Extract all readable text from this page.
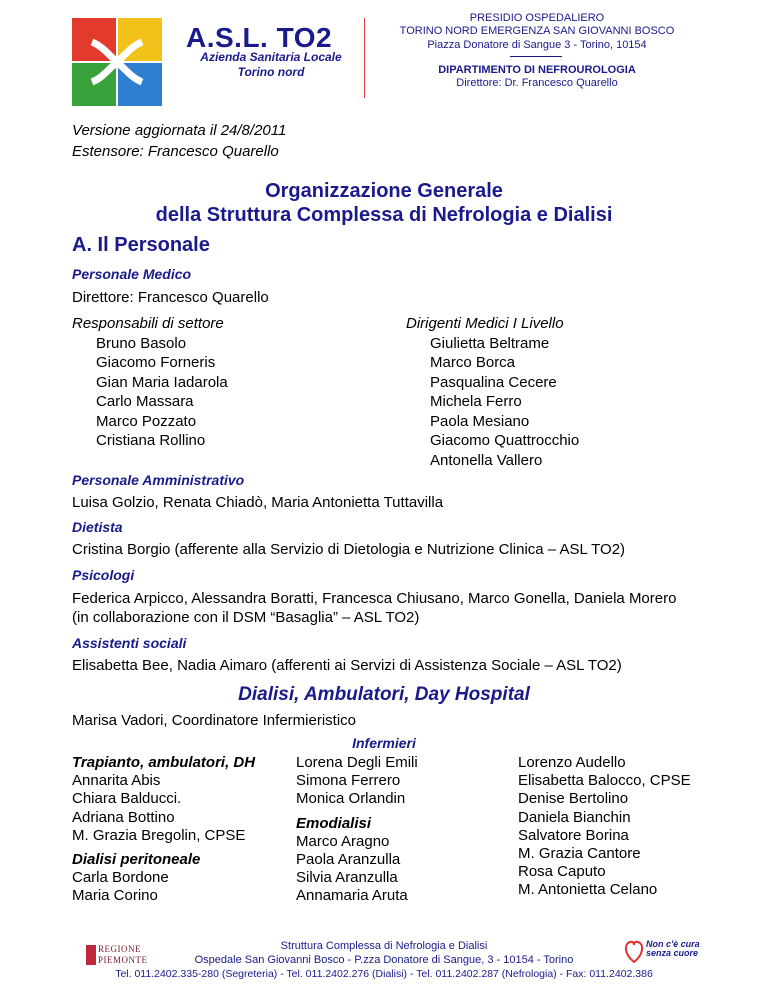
A.S.L. TO2
Azienda Sanitaria Locale
Torino nord
PRESIDIO OSPEDALIERO
TORINO NORD EMERGENZA SAN GIOVANNI BOSCO
Piazza Donatore di Sangue 3 - Torino, 10154
DIPARTIMENTO DI NEFROUROLOGIA
Direttore: Dr. Francesco Quarello
Versione aggiornata il 24/8/2011
Estensore: Francesco Quarello
Organizzazione Generale
della Struttura Complessa di Nefrologia e Dialisi
A. Il Personale
Personale Medico
Direttore: Francesco Quarello
Responsabili di settore
Bruno Basolo
Giacomo Forneris
Gian Maria Iadarola
Carlo Massara
Marco Pozzato
Cristiana Rollino
Dirigenti Medici I Livello
Giulietta Beltrame
Marco Borca
Pasqualina Cecere
Michela Ferro
Paola Mesiano
Giacomo Quattrocchio
Antonella Vallero
Personale Amministrativo
Luisa Golzio, Renata Chiadò, Maria Antonietta Tuttavilla
Dietista
Cristina Borgio (afferente alla Servizio di Dietologia e Nutrizione Clinica – ASL TO2)
Psicologi
Federica Arpicco, Alessandra Boratti, Francesca Chiusano, Marco Gonella, Daniela Morero
(in collaborazione con il DSM “Basaglia” – ASL TO2)
Assistenti sociali
Elisabetta Bee, Nadia Aimaro (afferenti ai Servizi di Assistenza Sociale – ASL TO2)
Dialisi, Ambulatori, Day Hospital
Marisa Vadori, Coordinatore Infermieristico
Infermieri
Trapianto, ambulatori, DH
Annarita Abis
Chiara Balducci.
Adriana Bottino
M. Grazia Bregolin, CPSE
Dialisi peritoneale
Carla Bordone
Maria Corino
Lorena Degli Emili
Simona Ferrero
Monica Orlandin
Emodialisi
Marco Aragno
Paola Aranzulla
Silvia Aranzulla
Annamaria Aruta
Lorenzo Audello
Elisabetta Balocco, CPSE
Denise Bertolino
Daniela Bianchin
Salvatore Borina
M. Grazia Cantore
Rosa Caputo
M. Antonietta Celano
REGIONE
PIEMONTE
Struttura Complessa di Nefrologia e Dialisi
Ospedale San Giovanni Bosco - P.zza Donatore di Sangue, 3 - 10154 - Torino
Tel. 011.2402.335-280 (Segreteria) - Tel. 011.2402.276 (Dialisi) - Tel. 011.2402.287 (Nefrologia) - Fax: 011.2402.386
Non c'è cura
senza cuore
